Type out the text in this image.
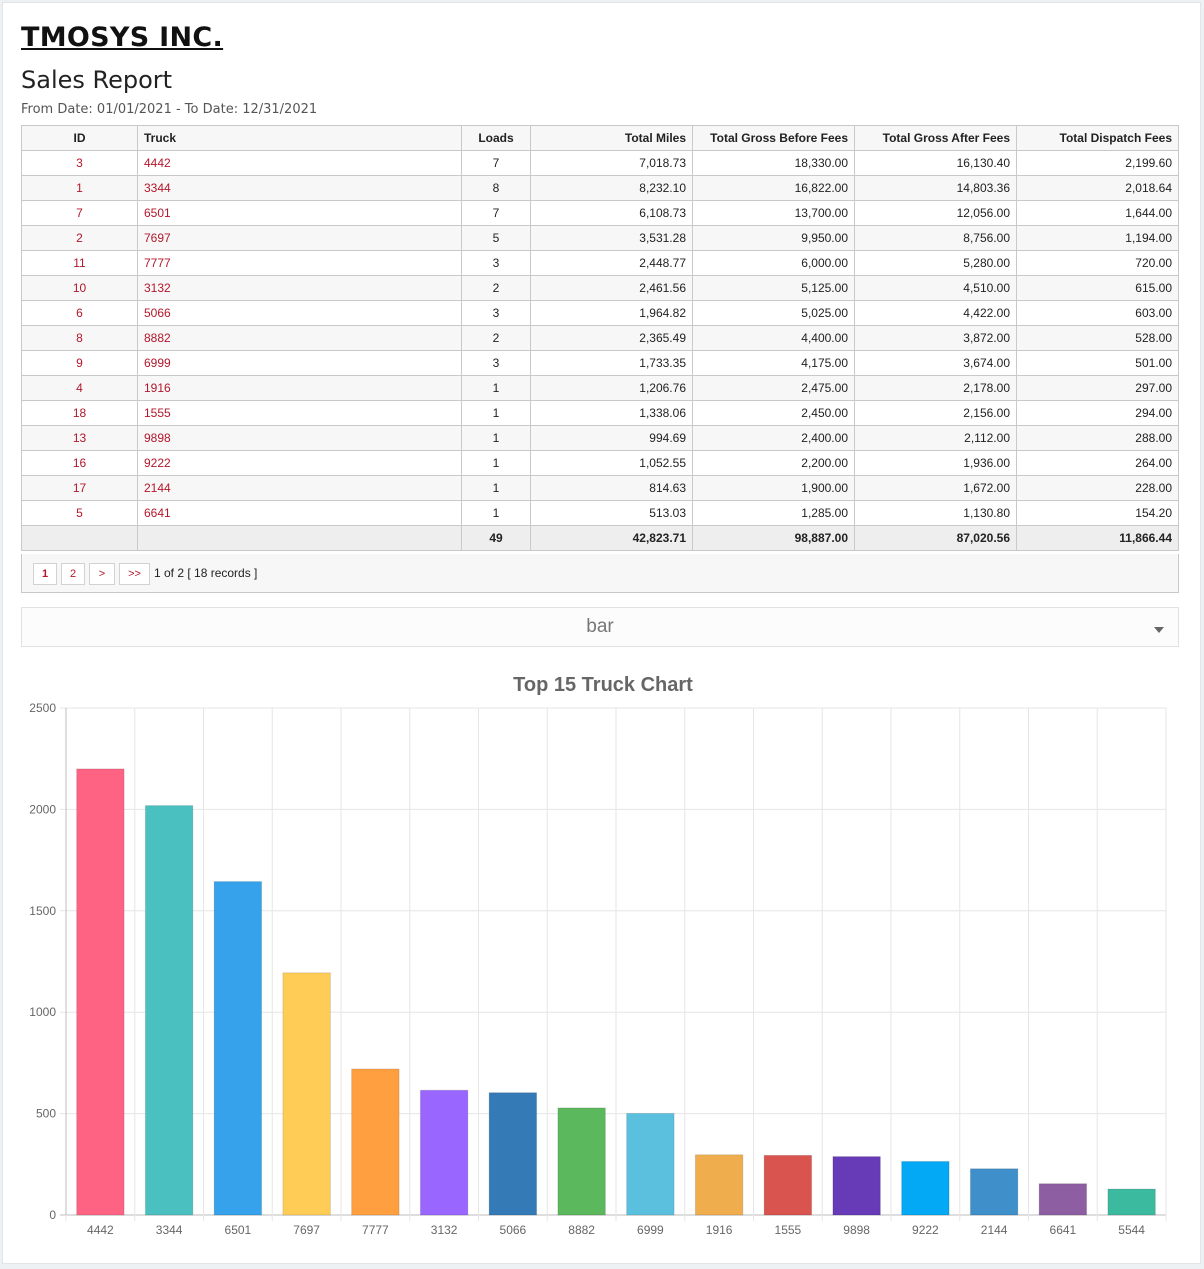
TMOSYS INC.
Sales Report
From Date: 01/01/2021 - To Date: 12/31/2021
ID	Truck	Loads	Total Miles	Total Gross Before Fees	Total Gross After Fees	Total Dispatch Fees
3	4442	7	7,018.73	18,330.00	16,130.40	2,199.60
1	3344	8	8,232.10	16,822.00	14,803.36	2,018.64
7	6501	7	6,108.73	13,700.00	12,056.00	1,644.00
2	7697	5	3,531.28	9,950.00	8,756.00	1,194.00
11	7777	3	2,448.77	6,000.00	5,280.00	720.00
10	3132	2	2,461.56	5,125.00	4,510.00	615.00
6	5066	3	1,964.82	5,025.00	4,422.00	603.00
8	8882	2	2,365.49	4,400.00	3,872.00	528.00
9	6999	3	1,733.35	4,175.00	3,674.00	501.00
4	1916	1	1,206.76	2,475.00	2,178.00	297.00
18	1555	1	1,338.06	2,450.00	2,156.00	294.00
13	9898	1	994.69	2,400.00	2,112.00	288.00
16	9222	1	1,052.55	2,200.00	1,936.00	264.00
17	2144	1	814.63	1,900.00	1,672.00	228.00
5	6641	1	513.03	1,285.00	1,130.80	154.20
		49	42,823.71	98,887.00	87,020.56	11,866.44
1	2	>	>>	1 of 2 [ 18 records ]
bar
Top 15 Truck Chart
0
500
1000
1500
2000
2500
4442	3344	6501	7697	7777	3132	5066	8882	6999	1916	1555	9898	9222	2144	6641	5544
